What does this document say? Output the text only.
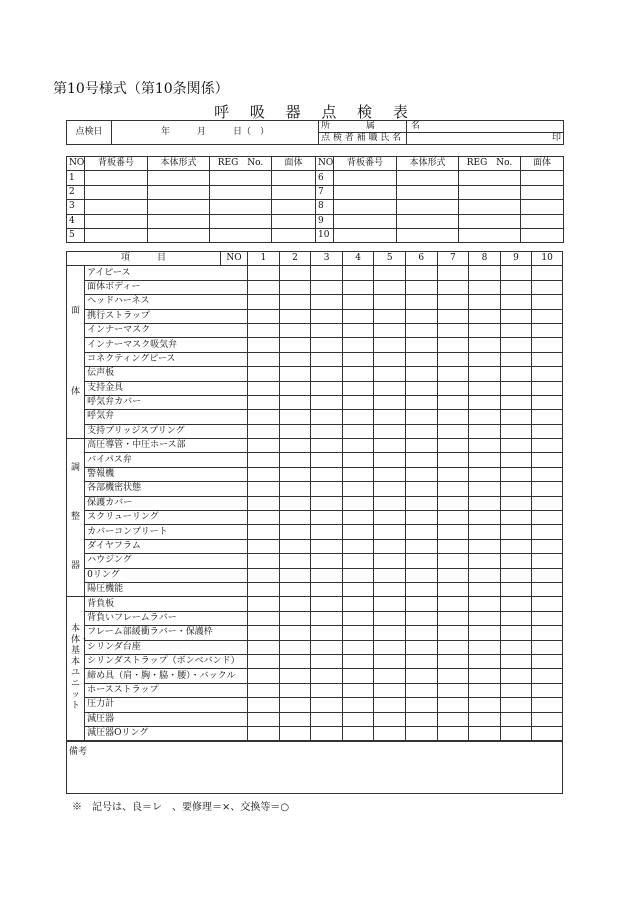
第10号様式（第10条関係）
呼 吸 器 点 検 表
点検日	年　　　月　　　日（　）	所　　　　属　　　　名	
		点 検 者 補 職 氏 名	印
NO	背板番号	本体形式	REG　No.	面体	NO	背板番号	本体形式	REG　No.	面体
1					6				
2					7				
3					8				
4					9				
5					10				
項　　　目		NO	1	2	3	4	5	6	7	8	9	10
面体	アイピース											
	面体ボディー											
	ヘッドハーネス											
	携行ストラップ											
	インナーマスク											
	インナーマスク吸気弁											
	コネクティングピース											
	伝声板											
	支持金具											
	呼気弁カバー											
	呼気弁											
	支持ブリッジスプリング											
調整器	高圧導管・中圧ホース部											
	バイパス弁											
	警報機											
	各部機密状態											
	保護カバー											
	スクリューリング											
	カバーコンプリート											
	ダイヤフラム											
	ハウジング											
	0リング											
	陽圧機能											
本体・基本ユニット	背負板											
	背負いフレームラバー											
	フレーム部緩衝ラバー・保護枠											
	シリンダ台座											
	シリンダストラップ（ボンベバンド）											
	締め具（肩・胸・脇・腰）・バックル											
	ホースストラップ											
	圧力計											
	減圧器											
	減圧器Oリング											
備考
※　記号は、良＝レ　、要修理＝×、交換等＝○
